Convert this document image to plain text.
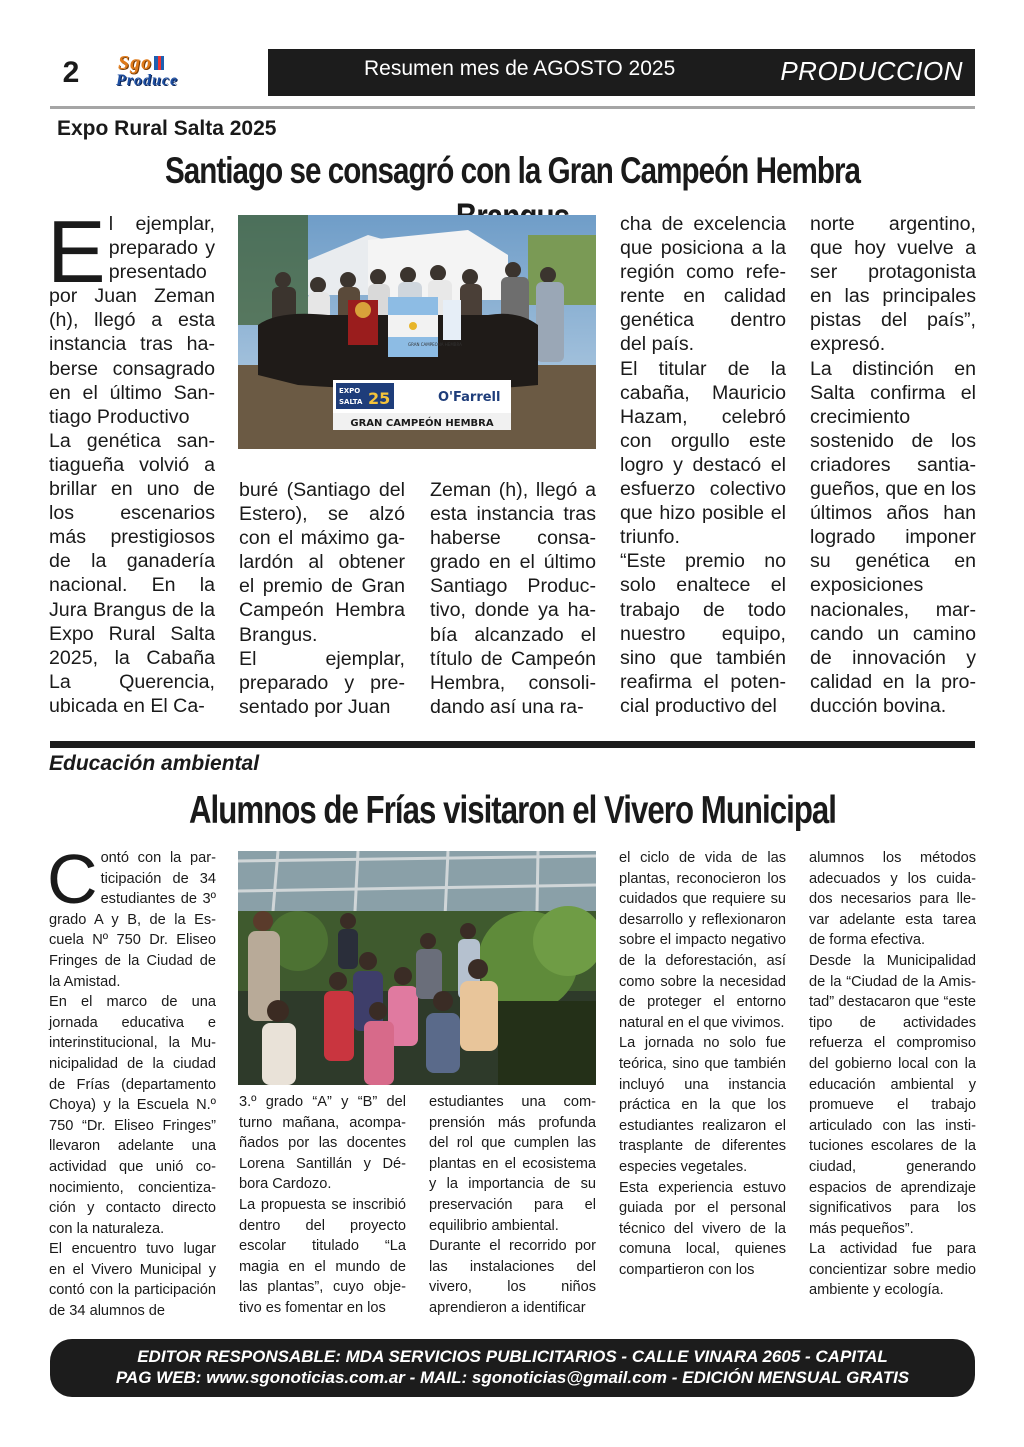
2	Sgo
Produce
Resumen mes de AGOSTO 2025	PRODUCCION
Expo Rural Salta 2025
Santiago se consagró con la Gran Campeón Hembra
El ejemplar, preparado y presentado por Juan Zeman (h), llegó a esta instancia tras haberse consagrado en el último Santiago Productivo
La genética santiagueña volvió a brillar en uno de los escenarios más prestigiosos de la ganadería nacional. En la Jura Brangus de la Expo Rural Salta 2025, la Cabaña La Querencia, ubicada en El Ca-
buré (Santiago del Estero), se alzó con el máximo galardón al obtener el premio de Gran Campeón Hembra Brangus.
El ejemplar, preparado y presentado por Juan
Zeman (h), llegó a esta instancia tras haberse consagrado en el último Santiago Productivo, donde ya había alcanzado el título de Campeón Hembra, consolidando así una ra-
cha de excelencia que posiciona a la región como referente en calidad genética dentro del país.
El titular de la cabaña, Mauricio Hazam, celebró con orgullo este logro y destacó el esfuerzo colectivo que hizo posible el triunfo.
“Este premio no solo enaltece el trabajo de todo nuestro equipo, sino que también reafirma el potencial productivo del
norte argentino, que hoy vuelve a ser protagonista en las principales pistas del país”, expresó.
La distinción en Salta confirma el crecimiento sostenido de los criadores santiagueños, que en los últimos años han logrado imponer su genética en exposiciones nacionales, marcando un camino de innovación y calidad en la producción bovina.
GRAN CAMPEONA HEMBRA
EXPO
SALTA 25	O'Farrell
GRAN CAMPEÓN HEMBRA
Educación ambiental
Alumnos de Frías visitaron el Vivero Municipal
Contó con la participación de 34 estudiantes de 3º grado A y B, de la Escuela Nº 750 Dr. Eliseo Fringes de la Ciudad de la Amistad.
En el marco de una jornada educativa e interinstitucional, la Municipalidad de la ciudad de Frías (departamento Choya) y la Escuela N.º 750 “Dr. Eliseo Fringes” llevaron adelante una actividad que unió conocimiento, concientización y contacto directo con la naturaleza.
El encuentro tuvo lugar en el Vivero Municipal y contó con la participación de 34 alumnos de
3.º grado “A” y “B” del turno mañana, acompañados por las docentes Lorena Santillán y Débora Cardozo.
La propuesta se inscribió dentro del proyecto escolar titulado “La magia en el mundo de las plantas”, cuyo objetivo es fomentar en los
estudiantes una comprensión más profunda del rol que cumplen las plantas en el ecosistema y la importancia de su preservación para el equilibrio ambiental.
Durante el recorrido por las instalaciones del vivero, los niños aprendieron a identificar
el ciclo de vida de las plantas, reconocieron los cuidados que requiere su desarrollo y reflexionaron sobre el impacto negativo de la deforestación, así como sobre la necesidad de proteger el entorno natural en el que vivimos.
La jornada no solo fue teórica, sino que también incluyó una instancia práctica en la que los estudiantes realizaron el trasplante de diferentes especies vegetales.
Esta experiencia estuvo guiada por el personal técnico del vivero de la comuna local, quienes compartieron con los
alumnos los métodos adecuados y los cuidados necesarios para llevar adelante esta tarea de forma efectiva.
Desde la Municipalidad de la “Ciudad de la Amistad” destacaron que “este tipo de actividades refuerza el compromiso del gobierno local con la educación ambiental y promueve el trabajo articulado con las instituciones escolares de la ciudad, generando espacios de aprendizaje significativos para los más pequeños”.
La actividad fue para concientizar sobre medio ambiente y ecología.
EDITOR RESPONSABLE: MDA SERVICIOS PUBLICITARIOS - CALLE VINARA 2605 - CAPITAL
PAG WEB: www.sgonoticias.com.ar - MAIL: sgonoticias@gmail.com - EDICIÓN MENSUAL GRATIS
